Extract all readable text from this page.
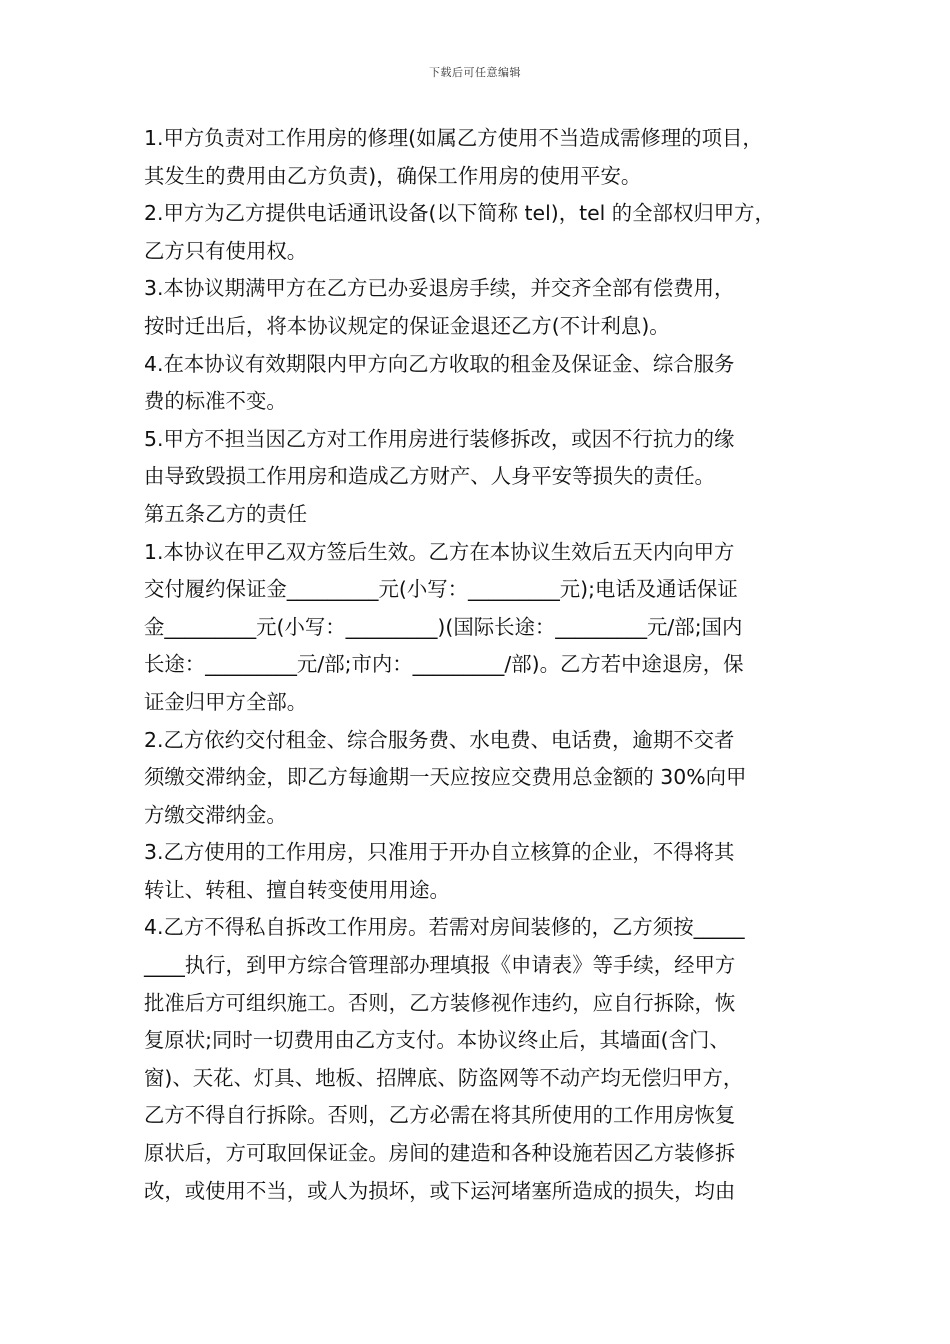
下载后可任意编辑
1.甲方负责对工作用房的修理(如属乙方使用不当造成需修理的项目，
其发生的费用由乙方负责)，确保工作用房的使用平安。
2.甲方为乙方提供电话通讯设备(以下简称 tel)，tel 的全部权归甲方，
乙方只有使用权。
3.本协议期满甲方在乙方已办妥退房手续，并交齐全部有偿费用，
按时迁出后，将本协议规定的保证金退还乙方(不计利息)。
4.在本协议有效期限内甲方向乙方收取的租金及保证金、综合服务
费的标准不变。
5.甲方不担当因乙方对工作用房进行装修拆改，或因不行抗力的缘
由导致毁损工作用房和造成乙方财产、人身平安等损失的责任。
第五条乙方的责任
1.本协议在甲乙双方签后生效。乙方在本协议生效后五天内向甲方
交付履约保证金_________元(小写：_________元);电话及通话保证
金_________元(小写：_________)(国际长途：_________元/部;国内
长途：_________元/部;市内：_________/部)。乙方若中途退房，保
证金归甲方全部。
2.乙方依约交付租金、综合服务费、水电费、电话费，逾期不交者
须缴交滞纳金，即乙方每逾期一天应按应交费用总金额的 30%向甲
方缴交滞纳金。
3.乙方使用的工作用房，只准用于开办自立核算的企业，不得将其
转让、转租、擅自转变使用用途。
4.乙方不得私自拆改工作用房。若需对房间装修的，乙方须按_____
____执行，到甲方综合管理部办理填报《申请表》等手续，经甲方
批准后方可组织施工。否则，乙方装修视作违约，应自行拆除，恢
复原状;同时一切费用由乙方支付。本协议终止后，其墙面(含门、
窗)、天花、灯具、地板、招牌底、防盗网等不动产均无偿归甲方，
乙方不得自行拆除。否则，乙方必需在将其所使用的工作用房恢复
原状后，方可取回保证金。房间的建造和各种设施若因乙方装修拆
改，或使用不当，或人为损坏，或下运河堵塞所造成的损失，均由
